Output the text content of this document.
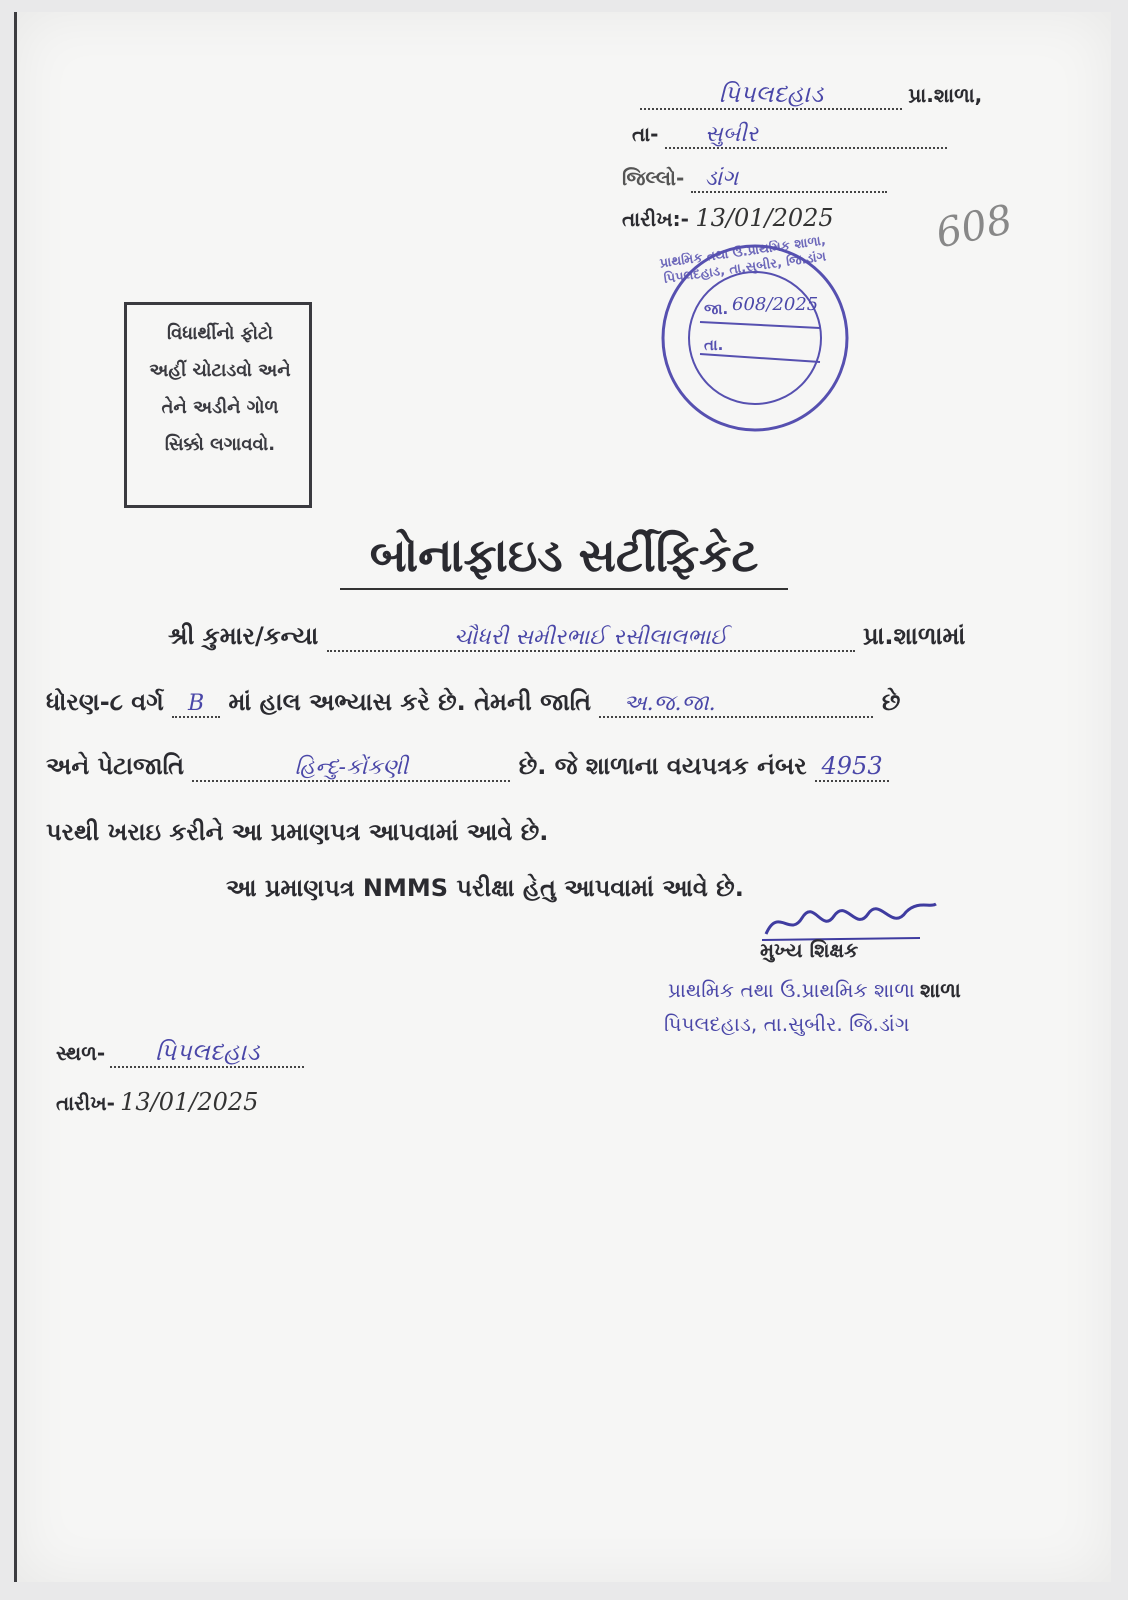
પિપલદહાડ	પ્રા.શાળા,
તા- સુબીર
જિલ્લો- ડાંગ
તારીખ:- 13/01/2025 608
પ્રાથમિક તથા ઉ.પ્રાથમિક શાળા, પિપલદહાડ, તા.સુબીર, જિ.ડાંગ
જા. 608/2025
તા.
વિધાર્થીનો ફોટો
અહીં ચોટાડવો અને
તેને અડીને ગોળ
સિક્કો લગાવવો.
બોનાફાઇડ સર્ટીફિકેટ
શ્રી કુમાર/કન્યા	ચૌધરી સમીરભાઈ રસીલાલભાઈ	પ્રા.શાળામાં
ધોરણ-૮ વર્ગ B માં હાલ અભ્યાસ કરે છે. તેમની જાતિ અ.જ.જા.	છે
અને પેટાજાતિ	હિન્દુ-કોંકણી	છે. જે શાળાના વયપત્રક નંબર 4953
પરથી ખરાઇ કરીને આ પ્રમાણપત્ર આપવામાં આવે છે.
આ પ્રમાણપત્ર NMMS પરીક્ષા હેતુ આપવામાં આવે છે.
મુખ્ય શિક્ષક
પ્રાથમિક તથા ઉ.પ્રાથમિક શાળા શાળા
પિપલદહાડ, તા.સુબીર. જિ.ડાંગ
સ્થળ- પિપલદહાડ
તારીખ- 13/01/2025
